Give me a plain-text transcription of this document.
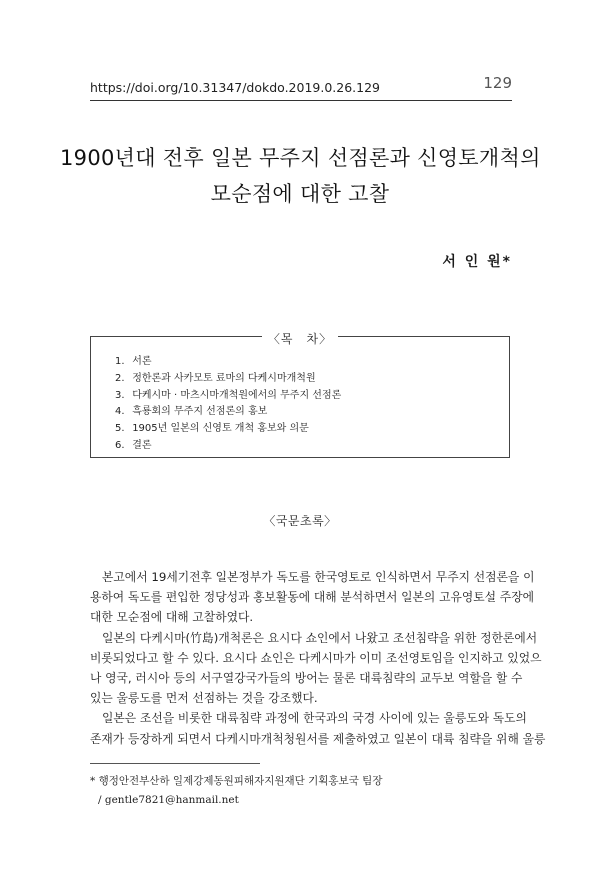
https://doi.org/10.31347/dokdo.2019.0.26.129	129
1900년대 전후 일본 무주지 선점론과 신영토개척의
모순점에 대한 고찰
서 인 원*
〈목　차〉
1. 서론
2. 정한론과 사카모토 료마의 다케시마개척원
3. 다케시마 · 마츠시마개척원에서의 무주지 선점론
4. 흑룡회의 무주지 선점론의 홍보
5. 1905년 일본의 신영토 개척 홍보와 의문
6. 결론
〈국문초록〉
본고에서 19세기전후 일본정부가 독도를 한국영토로 인식하면서 무주지 선점론을 이
용하여 독도를 편입한 정당성과 홍보활동에 대해 분석하면서 일본의 고유영토설 주장에
대한 모순점에 대해 고찰하였다.
일본의 다케시마(竹島)개척론은 요시다 쇼인에서 나왔고 조선침략을 위한 정한론에서
비롯되었다고 할 수 있다. 요시다 쇼인은 다케시마가 이미 조선영토임을 인지하고 있었으
나 영국, 러시아 등의 서구열강국가들의 방어는 물론 대륙침략의 교두보 역할을 할 수
있는 울릉도를 먼저 선점하는 것을 강조했다.
일본은 조선을 비롯한 대륙침략 과정에 한국과의 국경 사이에 있는 울릉도와 독도의
존재가 등장하게 되면서 다케시마개척청원서를 제출하였고 일본이 대륙 침략을 위해 울릉
* 행정안전부산하 일제강제동원피해자지원재단 기획홍보국 팀장
/ gentle7821@hanmail.net
